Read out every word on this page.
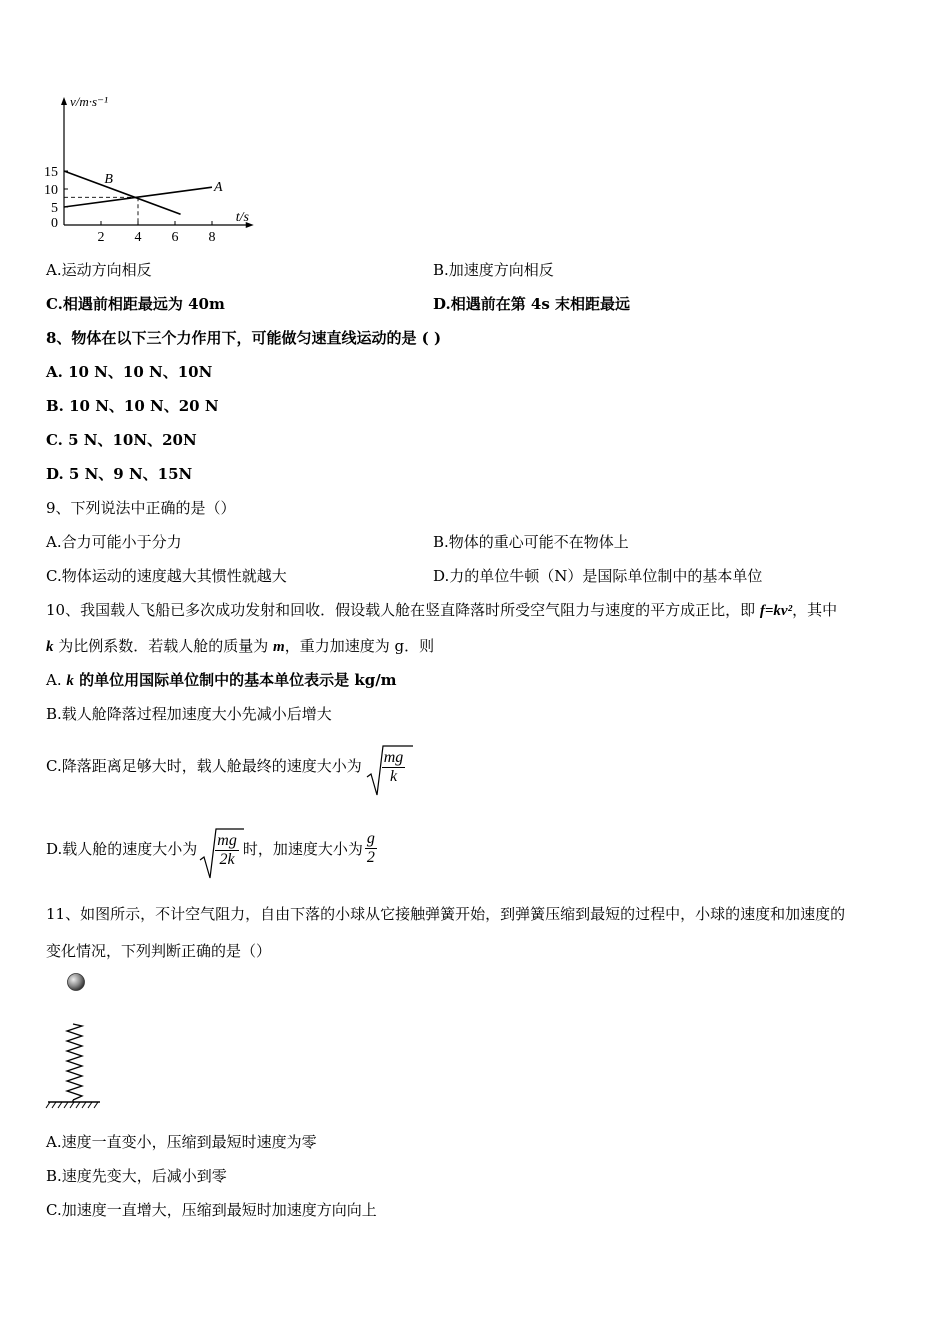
2 4 6 8
15
10
5
0
v/m·s⁻¹
t/s
A
B
A.运动方向相反	B.加速度方向相反
C.相遇前相距最远为 40m	D.相遇前在第 4s 末相距最远
8、物体在以下三个力作用下，可能做匀速直线运动的是 ( )
A. 10 N、10 N、10N
B. 10 N、10 N、20 N
C. 5 N、10N、20N
D. 5 N、9 N、15N
9、下列说法中正确的是（）
A.合力可能小于分力	B.物体的重心可能不在物体上
C.物体运动的速度越大其惯性就越大	D.力的单位牛顿（N）是国际单位制中的基本单位
10、我国载人飞船已多次成功发射和回收．假设载人舱在竖直降落时所受空气阻力与速度的平方成正比，即 f=kv²，其中
k 为比例系数．若载人舱的质量为 m，重力加速度为 g．则
A. k 的单位用国际单位制中的基本单位表示是 kg/m
B.载人舱降落过程加速度大小先减小后增大
C.降落距离足够大时，载人舱最终的速度大小为 $\frac{mg}{k}$
D.载人舱的速度大小为 $\frac{mg}{2k}$ 时，加速度大小为 $\frac{g}{2}$
11、如图所示，不计空气阻力，自由下落的小球从它接触弹簧开始，到弹簧压缩到最短的过程中，小球的速度和加速度的
变化情况，下列判断正确的是（）
A.速度一直变小，压缩到最短时速度为零
B.速度先变大，后减小到零
C.加速度一直增大，压缩到最短时加速度方向向上
